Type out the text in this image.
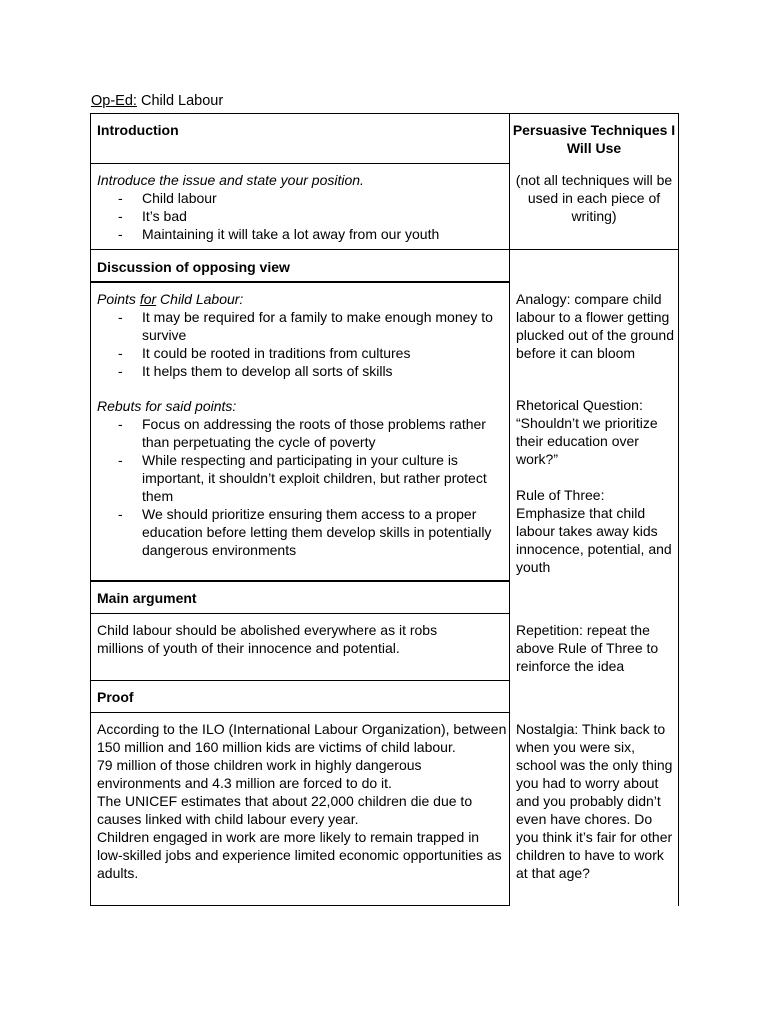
Op-Ed: Child Labour
Introduction
Introduce the issue and state your position.
- Child labour
- It’s bad
- Maintaining it will take a lot away from our youth
Discussion of opposing view
Points for Child Labour:
- It may be required for a family to make enough money to survive
- It could be rooted in traditions from cultures
- It helps them to develop all sorts of skills
Rebuts for said points:
- Focus on addressing the roots of those problems rather than perpetuating the cycle of poverty
- While respecting and participating in your culture is important, it shouldn’t exploit children, but rather protect them
- We should prioritize ensuring them access to a proper education before letting them develop skills in potentially dangerous environments
Main argument
Child labour should be abolished everywhere as it robs millions of youth of their innocence and potential.
Proof
According to the ILO (International Labour Organization), between 150 million and 160 million kids are victims of child labour.
79 million of those children work in highly dangerous environments and 4.3 million are forced to do it.
The UNICEF estimates that about 22,000 children die due to causes linked with child labour every year.
Children engaged in work are more likely to remain trapped in low-skilled jobs and experience limited economic opportunities as adults.
Persuasive Techniques I Will Use
(not all techniques will be used in each piece of writing)
Analogy: compare child labour to a flower getting plucked out of the ground before it can bloom
Rhetorical Question:
“Shouldn’t we prioritize their education over work?”
Rule of Three:
Emphasize that child labour takes away kids innocence, potential, and youth
Repetition: repeat the above Rule of Three to reinforce the idea
Nostalgia: Think back to when you were six, school was the only thing you had to worry about and you probably didn’t even have chores. Do you think it’s fair for other children to have to work at that age?
